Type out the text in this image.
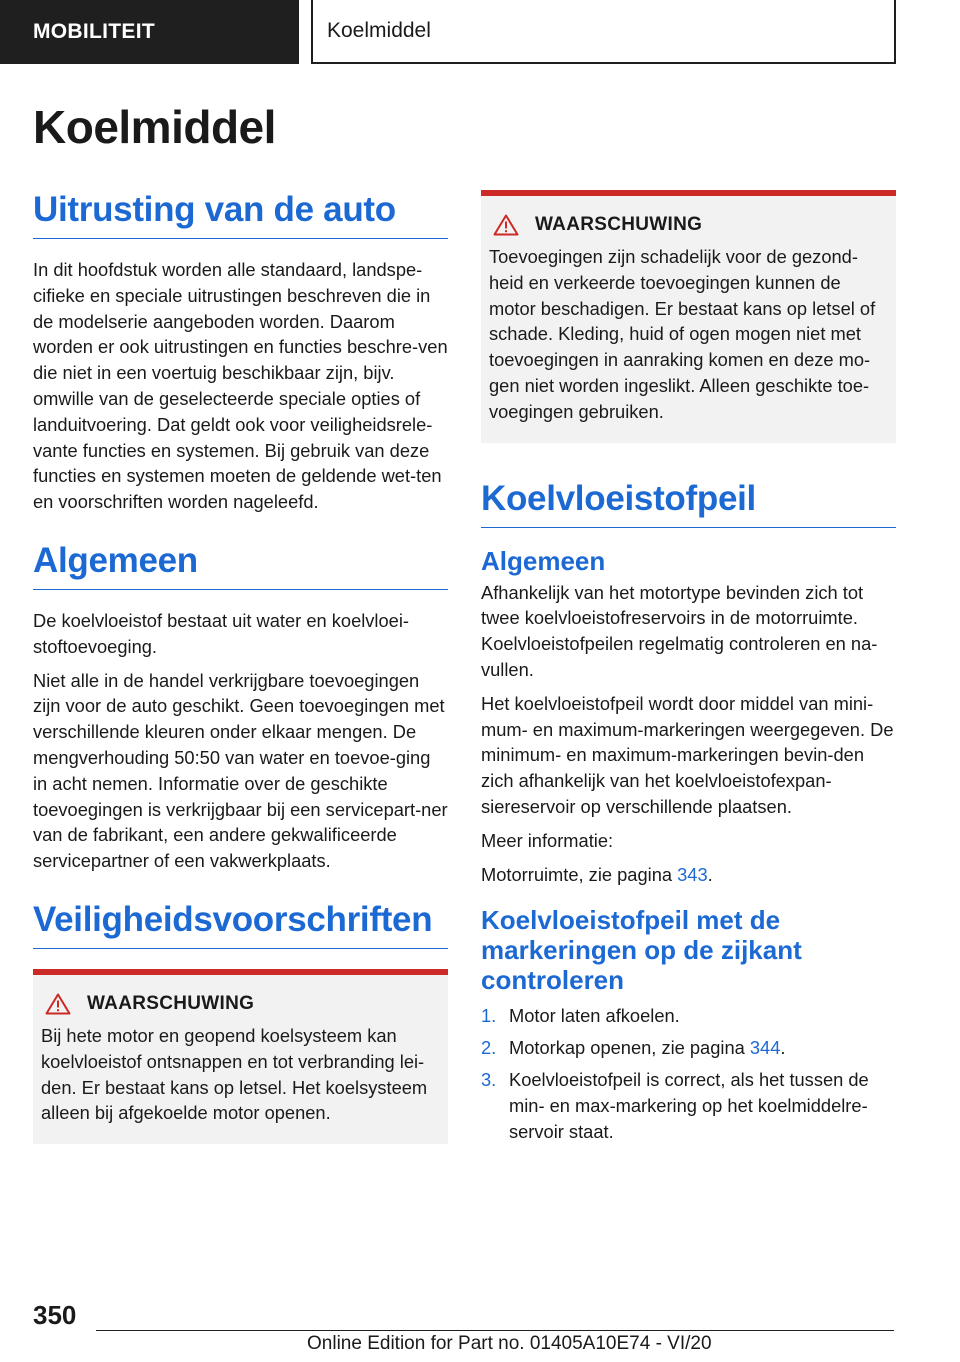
MOBILITEIT	Koelmiddel
Koelmiddel
Uitrusting van de auto

In dit hoofdstuk worden alle standaard, landspe-cifieke en speciale uitrustingen beschreven die in de modelserie aangeboden worden. Daarom worden er ook uitrustingen en functies beschre-ven die niet in een voertuig beschikbaar zijn, bijv. omwille van de geselecteerde speciale opties of landuitvoering. Dat geldt ook voor veiligheidsrele-vante functies en systemen. Bij gebruik van deze functies en systemen moeten de geldende wet-ten en voorschriften worden nageleefd.

Algemeen

De koelvloeistof bestaat uit water en koelvloei-stoftoevoeging.

Niet alle in de handel verkrijgbare toevoegingen zijn voor de auto geschikt. Geen toevoegingen met verschillende kleuren onder elkaar mengen. De mengverhouding 50:50 van water en toevoe-ging in acht nemen. Informatie over de geschikte toevoegingen is verkrijgbaar bij een servicepart-ner van de fabrikant, een andere gekwalificeerde servicepartner of een vakwerkplaats.

Veiligheidsvoorschriften
WAARSCHUWING

Bij hete motor en geopend koelsysteem kan koelvloeistof ontsnappen en tot verbranding lei-den. Er bestaat kans op letsel. Het koelsysteem alleen bij afgekoelde motor openen.

WAARSCHUWING

Toevoegingen zijn schadelijk voor de gezond-heid en verkeerde toevoegingen kunnen de motor beschadigen. Er bestaat kans op letsel of schade. Kleding, huid of ogen mogen niet met toevoegingen in aanraking komen en deze mo-gen niet worden ingeslikt. Alleen geschikte toe-voegingen gebruiken.

Koelvloeistofpeil
Algemeen

Afhankelijk van het motortype bevinden zich tot twee koelvloeistofreservoirs in de motorruimte. Koelvloeistofpeilen regelmatig controleren en na-vullen.

Het koelvloeistofpeil wordt door middel van mini-mum- en maximum-markeringen weergegeven. De minimum- en maximum-markeringen bevin-den zich afhankelijk van het koelvloeistofexpan-siereservoir op verschillende plaatsen.

Meer informatie:

Motorruimte, zie pagina 343.

Koelvloeistofpeil met de markeringen op de zijkant controleren
1. Motor laten afkoelen.
2. Motorkap openen, zie pagina 344.
3. Koelvloeistofpeil is correct, als het tussen de min- en max-markering op het koelmiddelre-servoir staat.
350
Online Edition for Part no. 01405A10E74 - VI/20
